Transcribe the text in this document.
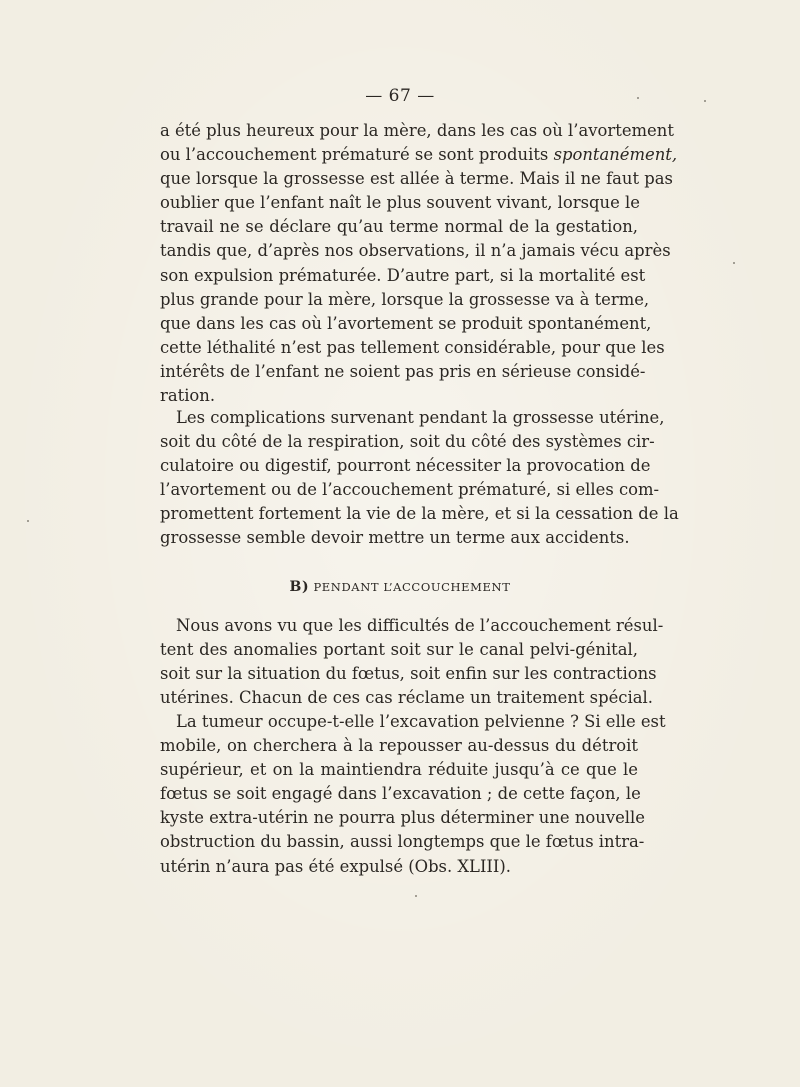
— 67 —
a été plus heureux pour la mère, dans les cas où l’avortement
ou l’accouchement prématuré se sont produits spontanément,
que lorsque la grossesse est allée à terme. Mais il ne faut pas
oublier que l’enfant naît le plus souvent vivant, lorsque le
travail ne se déclare qu’au terme normal de la gestation,
tandis que, d’après nos observations, il n’a jamais vécu après
son expulsion prématurée. D’autre part, si la mortalité est
plus grande pour la mère, lorsque la grossesse va à terme,
que dans les cas où l’avortement se produit spontanément,
cette léthalité n’est pas tellement considérable, pour que les
intérêts de l’enfant ne soient pas pris en sérieuse considé-
ration.
Les complications survenant pendant la grossesse utérine,
soit du côté de la respiration, soit du côté des systèmes cir-
culatoire ou digestif, pourront nécessiter la provocation de
l’avortement ou de l’accouchement prématuré, si elles com-
promettent fortement la vie de la mère, et si la cessation de la
grossesse semble devoir mettre un terme aux accidents.
B) PENDANT L’ACCOUCHEMENT
Nous avons vu que les difficultés de l’accouchement résul-
tent des anomalies portant soit sur le canal pelvi-génital,
soit sur la situation du fœtus, soit enfin sur les contractions
utérines. Chacun de ces cas réclame un traitement spécial.
La tumeur occupe-t-elle l’excavation pelvienne ? Si elle est
mobile, on cherchera à la repousser au-dessus du détroit
supérieur, et on la maintiendra réduite jusqu’à ce que le
fœtus se soit engagé dans l’excavation ; de cette façon, le
kyste extra-utérin ne pourra plus déterminer une nouvelle
obstruction du bassin, aussi longtemps que le fœtus intra-
utérin n’aura pas été expulsé (Obs. XLIII).
